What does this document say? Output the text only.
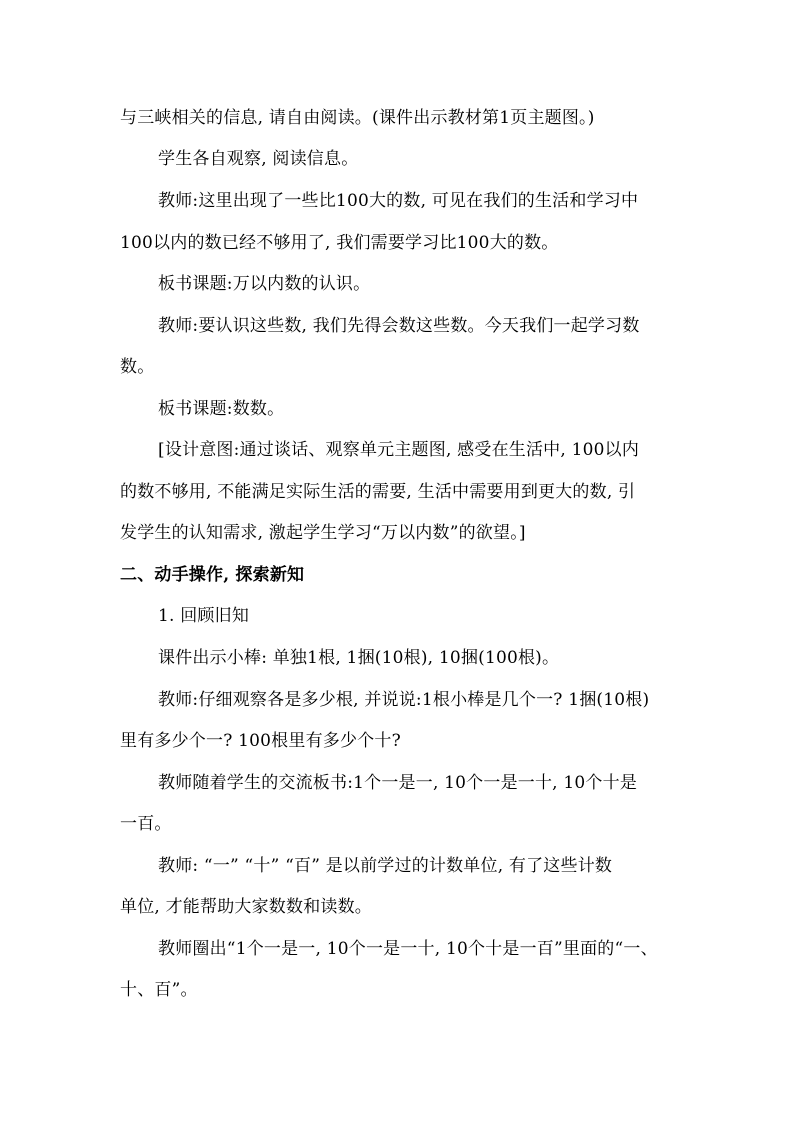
与三峡相关的信息, 请自由阅读。(课件出示教材第1页主题图。)
学生各自观察, 阅读信息。
教师:这里出现了一些比100大的数, 可见在我们的生活和学习中
100以内的数已经不够用了, 我们需要学习比100大的数。
板书课题:万以内数的认识。
教师:要认识这些数, 我们先得会数这些数。今天我们一起学习数
数。
板书课题:数数。
[设计意图:通过谈话、观察单元主题图, 感受在生活中, 100以内
的数不够用, 不能满足实际生活的需要, 生活中需要用到更大的数, 引
发学生的认知需求, 激起学生学习“万以内数”的欲望。]
二、动手操作, 探索新知
1. 回顾旧知
课件出示小棒: 单独1根, 1捆(10根), 10捆(100根)。
教师:仔细观察各是多少根, 并说说:1根小棒是几个一? 1捆(10根)
里有多少个一? 100根里有多少个十?
教师随着学生的交流板书:1个一是一, 10个一是一十, 10个十是
一百。
教师: “一” “十” “百” 是以前学过的计数单位, 有了这些计数
单位, 才能帮助大家数数和读数。
教师圈出“1个一是一, 10个一是一十, 10个十是一百”里面的“一、
十、百”。
